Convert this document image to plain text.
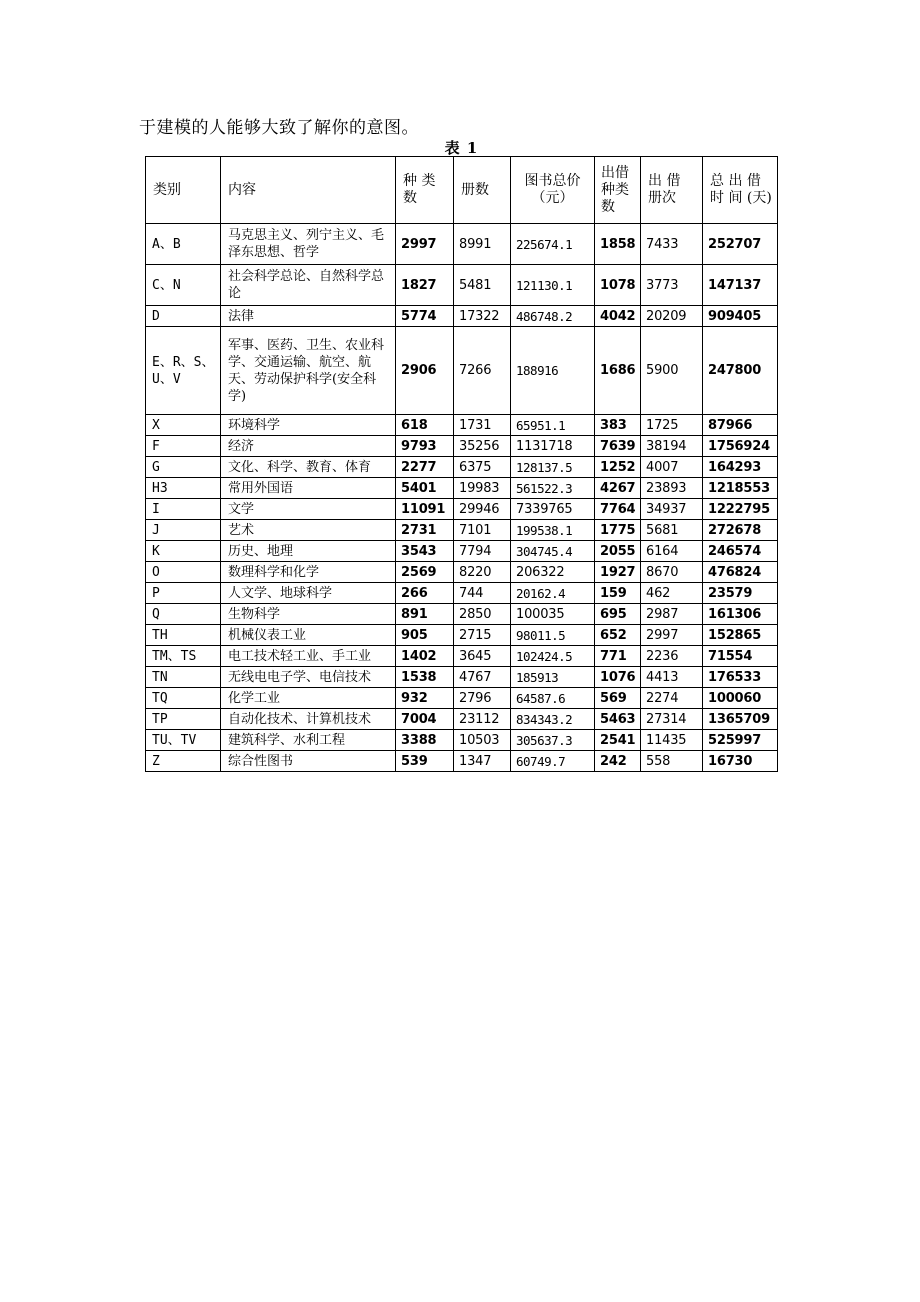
于建模的人能够大致了解你的意图。
表 1
类别	内容	种 类 数	册数	图书总价（元）	出借种类数	出 借 册次	总 出 借 时 间 (天)
A、B	马克思主义、列宁主义、毛泽东思想、哲学	2997	8991	225674.1	1858	7433	252707
C、N	社会科学总论、自然科学总论	1827	5481	121130.1	1078	3773	147137
D	法律	5774	17322	486748.2	4042	20209	909405
E、R、S、U、V	军事、医药、卫生、农业科学、交通运输、航空、航天、劳动保护科学(安全科学)	2906	7266	188916	1686	5900	247800
X	环境科学	618	1731	65951.1	383	1725	87966
F	经济	9793	35256	1131718	7639	38194	1756924
G	文化、科学、教育、体育	2277	6375	128137.5	1252	4007	164293
H3	常用外国语	5401	19983	561522.3	4267	23893	1218553
I	文学	11091	29946	7339765	7764	34937	1222795
J	艺术	2731	7101	199538.1	1775	5681	272678
K	历史、地理	3543	7794	304745.4	2055	6164	246574
O	数理科学和化学	2569	8220	206322	1927	8670	476824
P	人文学、地球科学	266	744	20162.4	159	462	23579
Q	生物科学	891	2850	100035	695	2987	161306
TH	机械仪表工业	905	2715	98011.5	652	2997	152865
TM、TS	电工技术轻工业、手工业	1402	3645	102424.5	771	2236	71554
TN	无线电电子学、电信技术	1538	4767	185913	1076	4413	176533
TQ	化学工业	932	2796	64587.6	569	2274	100060
TP	自动化技术、计算机技术	7004	23112	834343.2	5463	27314	1365709
TU、TV	建筑科学、水利工程	3388	10503	305637.3	2541	11435	525997
Z	综合性图书	539	1347	60749.7	242	558	16730
